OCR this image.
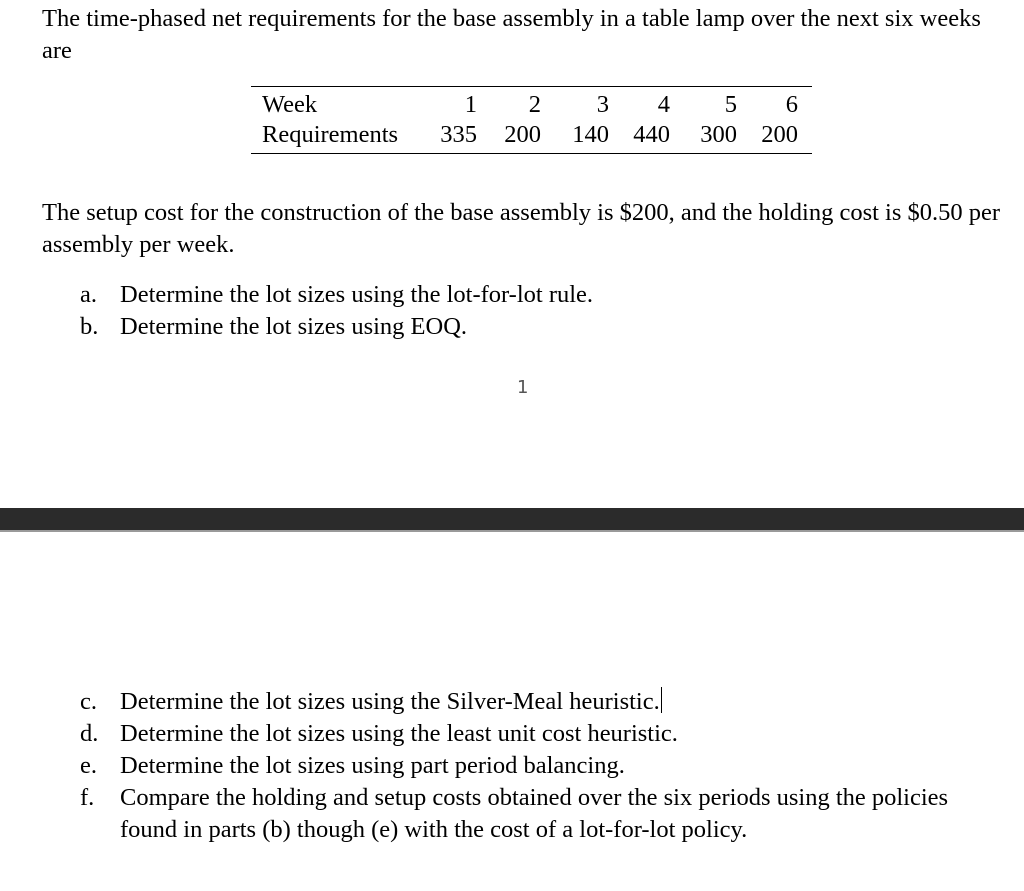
The time-phased net requirements for the base assembly in a table lamp over the next six weeks are

Week	1	2	3	4	5	6
Requirements	335	200	140	440	300	200

The setup cost for the construction of the base assembly is $200, and the holding cost is $0.50 per assembly per week.

a. Determine the lot sizes using the lot-for-lot rule.
b. Determine the lot sizes using EOQ.
1
c. Determine the lot sizes using the Silver-Meal heuristic.
d. Determine the lot sizes using the least unit cost heuristic.
e. Determine the lot sizes using part period balancing.
f. Compare the holding and setup costs obtained over the six periods using the policies found in parts (b) though (e) with the cost of a lot-for-lot policy.
